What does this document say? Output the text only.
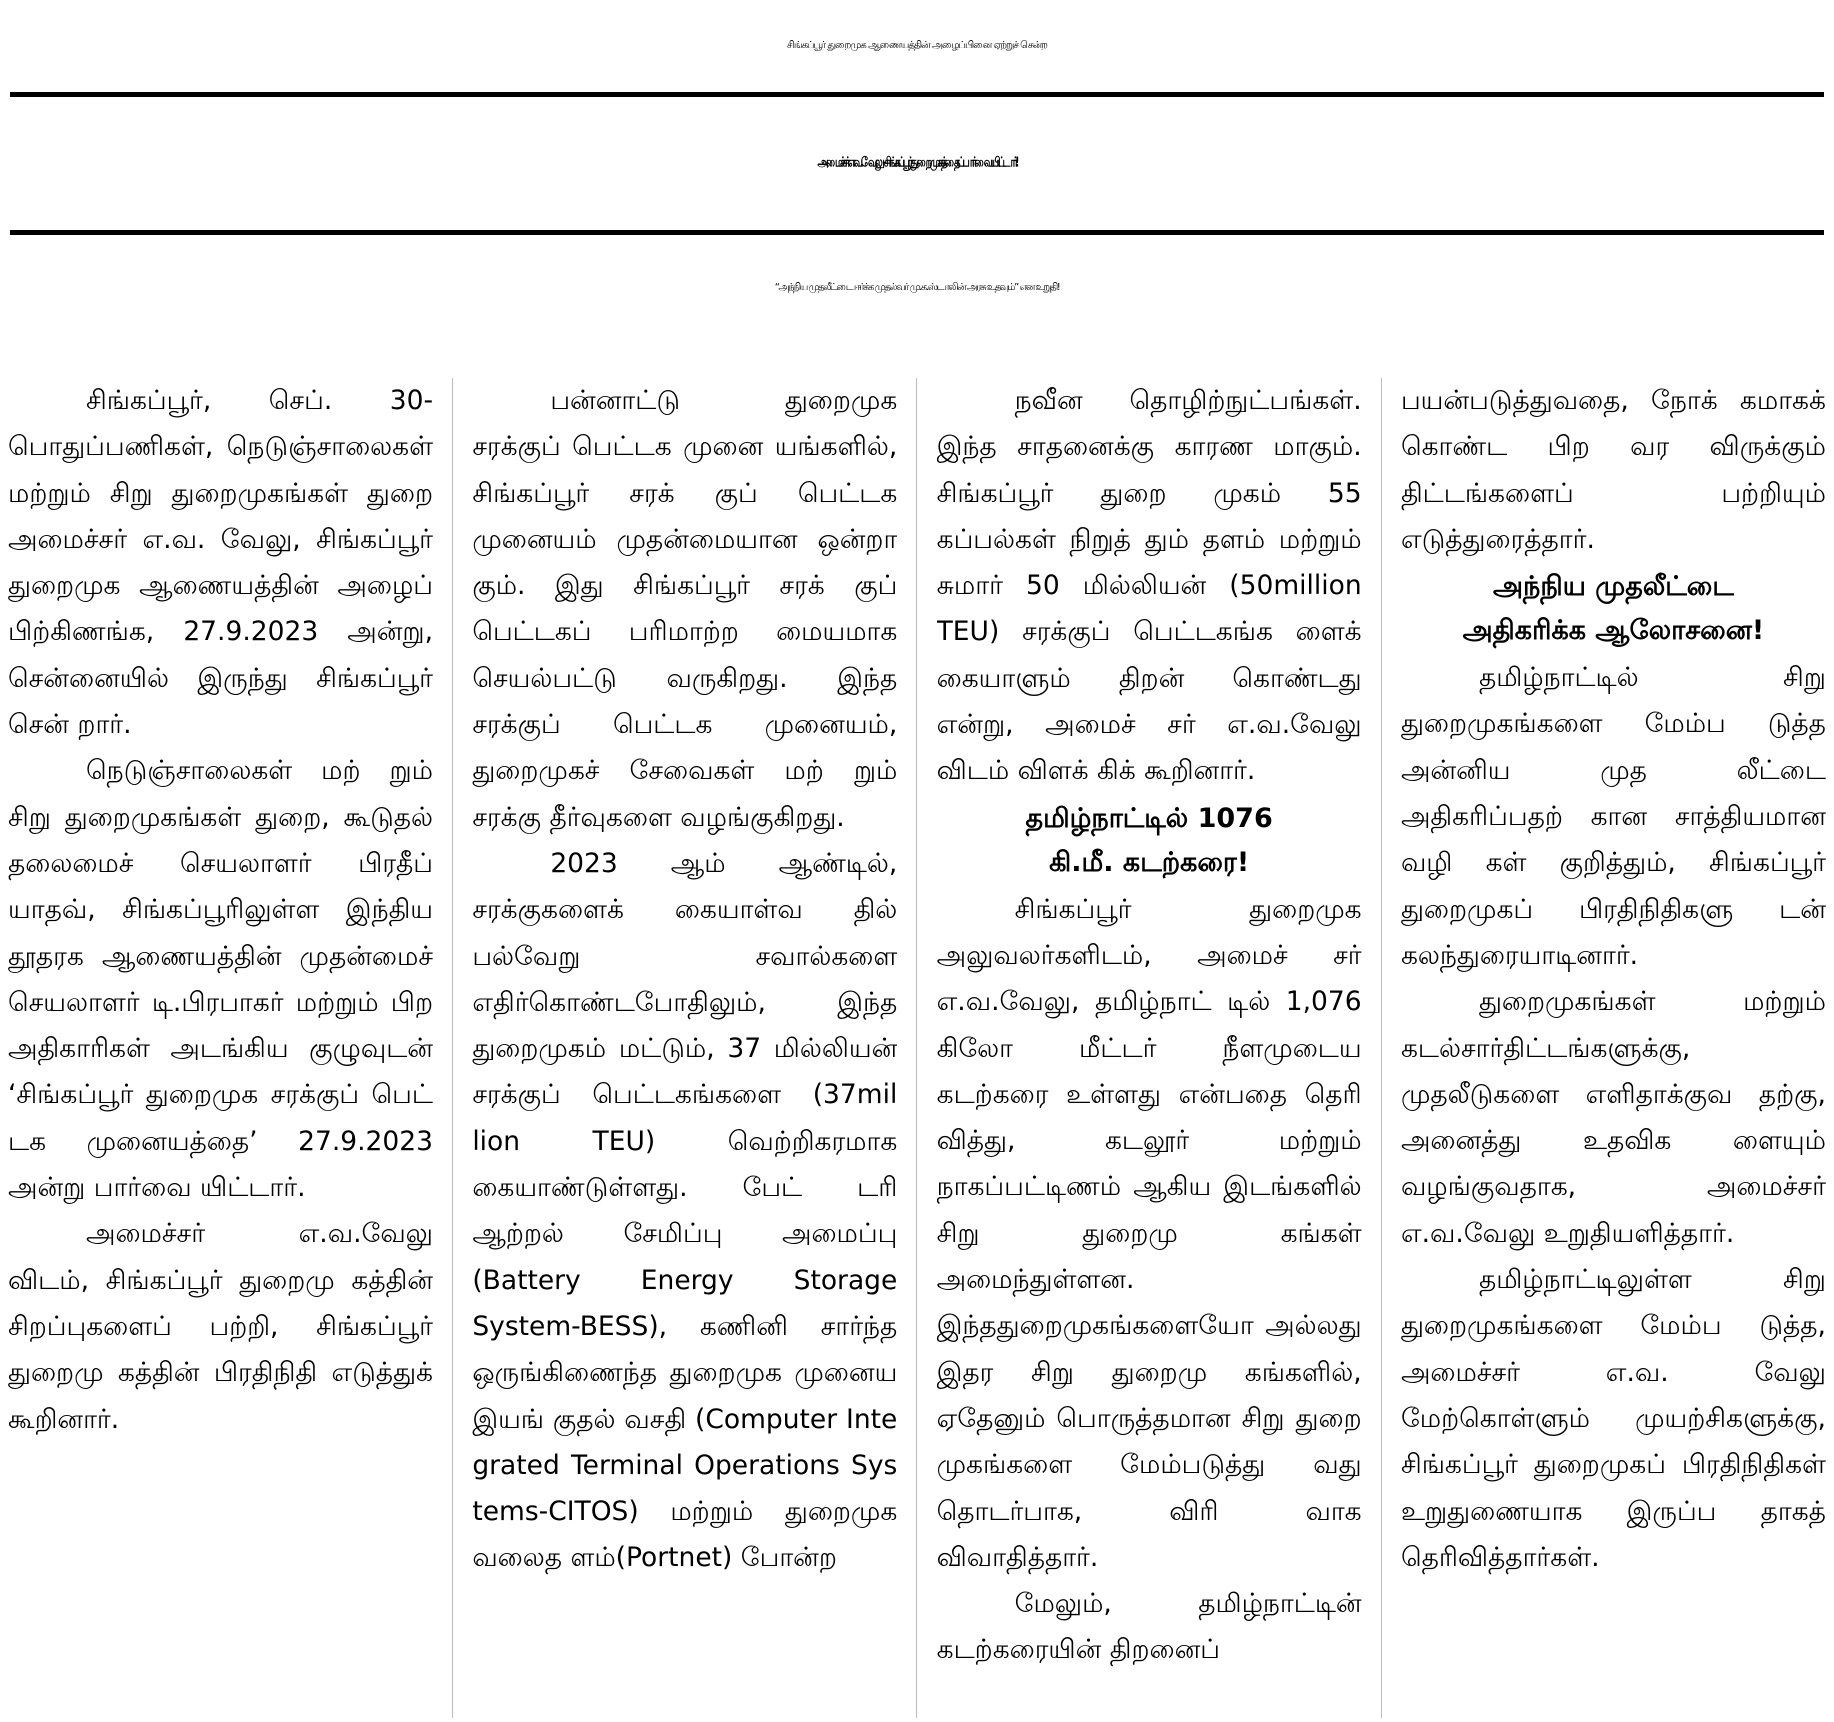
சிங்கப்பூர் துறைமுக ஆணையத்தின் அழைப்பினை ஏற்றுச் சென்ற
அமைச்சர் எ.வ.வேலு - சிங்கப்பூர் துறைமுகத்தைப் பார்வையிட்டார்!
“அந்நிய முதலீட்டை ஈர்க்க முதல்வர் மு.க.ஸ்டாலின் அரசு உதவும்” என உறுதி!

சிங்கப்பூர், செப். 30- பொதுப்பணிகள், நெடுஞ்சாலைகள் மற்றும் சிறு துறைமுகங்கள் துறை அமைச்சர் எ.வ. வேலு, சிங்கப்பூர் துறைமுக ஆணையத்தின் அழைப் பிற்கிணங்க, 27.9.2023 அன்று, சென்னையில் இருந்து சிங்கப்பூர் சென் றார்.

நெடுஞ்சாலைகள் மற் றும் சிறு துறைமுகங்கள் துறை, கூடுதல் தலைமைச் செயலாளர் பிரதீப் யாதவ், சிங்கப்பூரிலுள்ள இந்திய தூதரக ஆணையத்தின் முதன்மைச் செயலாளர் டி.பிரபாகர் மற்றும் பிற அதிகாரிகள் அடங்கிய குழுவுடன் ‘சிங்கப்பூர் துறைமுக சரக்குப் பெட் டக முனையத்தை’ 27.9.2023 அன்று பார்வை யிட்டார்.

அமைச்சர் எ.வ.வேலு விடம், சிங்கப்பூர் துறைமு கத்தின் சிறப்புகளைப் பற்றி, சிங்கப்பூர் துறைமு கத்தின் பிரதிநிதி எடுத்துக் கூறினார்.

பன்னாட்டு துறைமுக சரக்குப் பெட்டக முனை யங்களில், சிங்கப்பூர் சரக் குப் பெட்டக முனையம் முதன்மையான ஒன்றா கும். இது சிங்கப்பூர் சரக் குப் பெட்டகப் பரிமாற்ற மையமாக செயல்பட்டு வருகிறது. இந்த சரக்குப் பெட்டக முனையம், துறைமுகச் சேவைகள் மற் றும் சரக்கு தீர்வுகளை வழங்குகிறது.

2023 ஆம் ஆண்டில், சரக்குகளைக் கையாள்வ தில் பல்வேறு சவால்களை எதிர்கொண்டபோதிலும், இந்த துறைமுகம் மட்டும், 37 மில்லியன் சரக்குப் பெட்டகங்களை (37mil lion TEU) வெற்றிகரமாக கையாண்டுள்ளது. பேட் டரி ஆற்றல் சேமிப்பு அமைப்பு (Battery Energy Storage System-BESS), கணினி சார்ந்த ஒருங்கிணைந்த துறைமுக முனைய இயங் குதல் வசதி (Computer Inte grated Terminal Operations Sys tems-CITOS) மற்றும் துறைமுக வலைத ளம்(Portnet) போன்ற

நவீன தொழிற்நுட்பங்கள். இந்த சாதனைக்கு காரண மாகும். சிங்கப்பூர் துறை முகம் 55 கப்பல்கள் நிறுத் தும் தளம் மற்றும் சுமார் 50 மில்லியன் (50million TEU) சரக்குப் பெட்டகங்க ளைக் கையாளும் திறன் கொண்டது என்று, அமைச் சர் எ.வ.வேலு விடம் விளக் கிக் கூறினார்.

தமிழ்நாட்டில் 1076
கி.மீ. கடற்கரை!

சிங்கப்பூர் துறைமுக அலுவலர்களிடம், அமைச் சர் எ.வ.வேலு, தமிழ்நாட் டில் 1,076 கிலோ மீட்டர் நீளமுடைய கடற்கரை உள்ளது என்பதை தெரி வித்து, கடலூர் மற்றும் நாகப்பட்டிணம் ஆகிய இடங்களில் சிறு துறைமு கங்கள் அமைந்துள்ளன. இந்ததுறைமுகங்களையோ அல்லது இதர சிறு துறைமு கங்களில், ஏதேனும் பொருத்தமான சிறு துறை முகங்களை மேம்படுத்து வது தொடர்பாக, விரி வாக விவாதித்தார்.

மேலும், தமிழ்நாட்டின் கடற்கரையின் திறனைப்

பயன்படுத்துவதை, நோக் கமாகக் கொண்ட பிற வர விருக்கும் திட்டங்களைப் பற்றியும் எடுத்துரைத்தார்.

அந்நிய முதலீட்டை
அதிகரிக்க ஆலோசனை!

தமிழ்நாட்டில் சிறு துறைமுகங்களை மேம்ப டுத்த அன்னிய முத லீட்டை அதிகரிப்பதற் கான சாத்தியமான வழி கள் குறித்தும், சிங்கப்பூர் துறைமுகப் பிரதிநிதிகளு டன் கலந்துரையாடினார்.

துறைமுகங்கள் மற்றும் கடல்சார்திட்டங்களுக்கு, முதலீடுகளை எளிதாக்குவ தற்கு, அனைத்து உதவிக ளையும் வழங்குவதாக, அமைச்சர் எ.வ.வேலு உறுதியளித்தார்.

தமிழ்நாட்டிலுள்ள சிறு துறைமுகங்களை மேம்ப டுத்த, அமைச்சர் எ.வ. வேலு மேற்கொள்ளும் முயற்சிகளுக்கு, சிங்கப்பூர் துறைமுகப் பிரதிநிதிகள் உறுதுணையாக இருப்ப தாகத் தெரிவித்தார்கள்.
